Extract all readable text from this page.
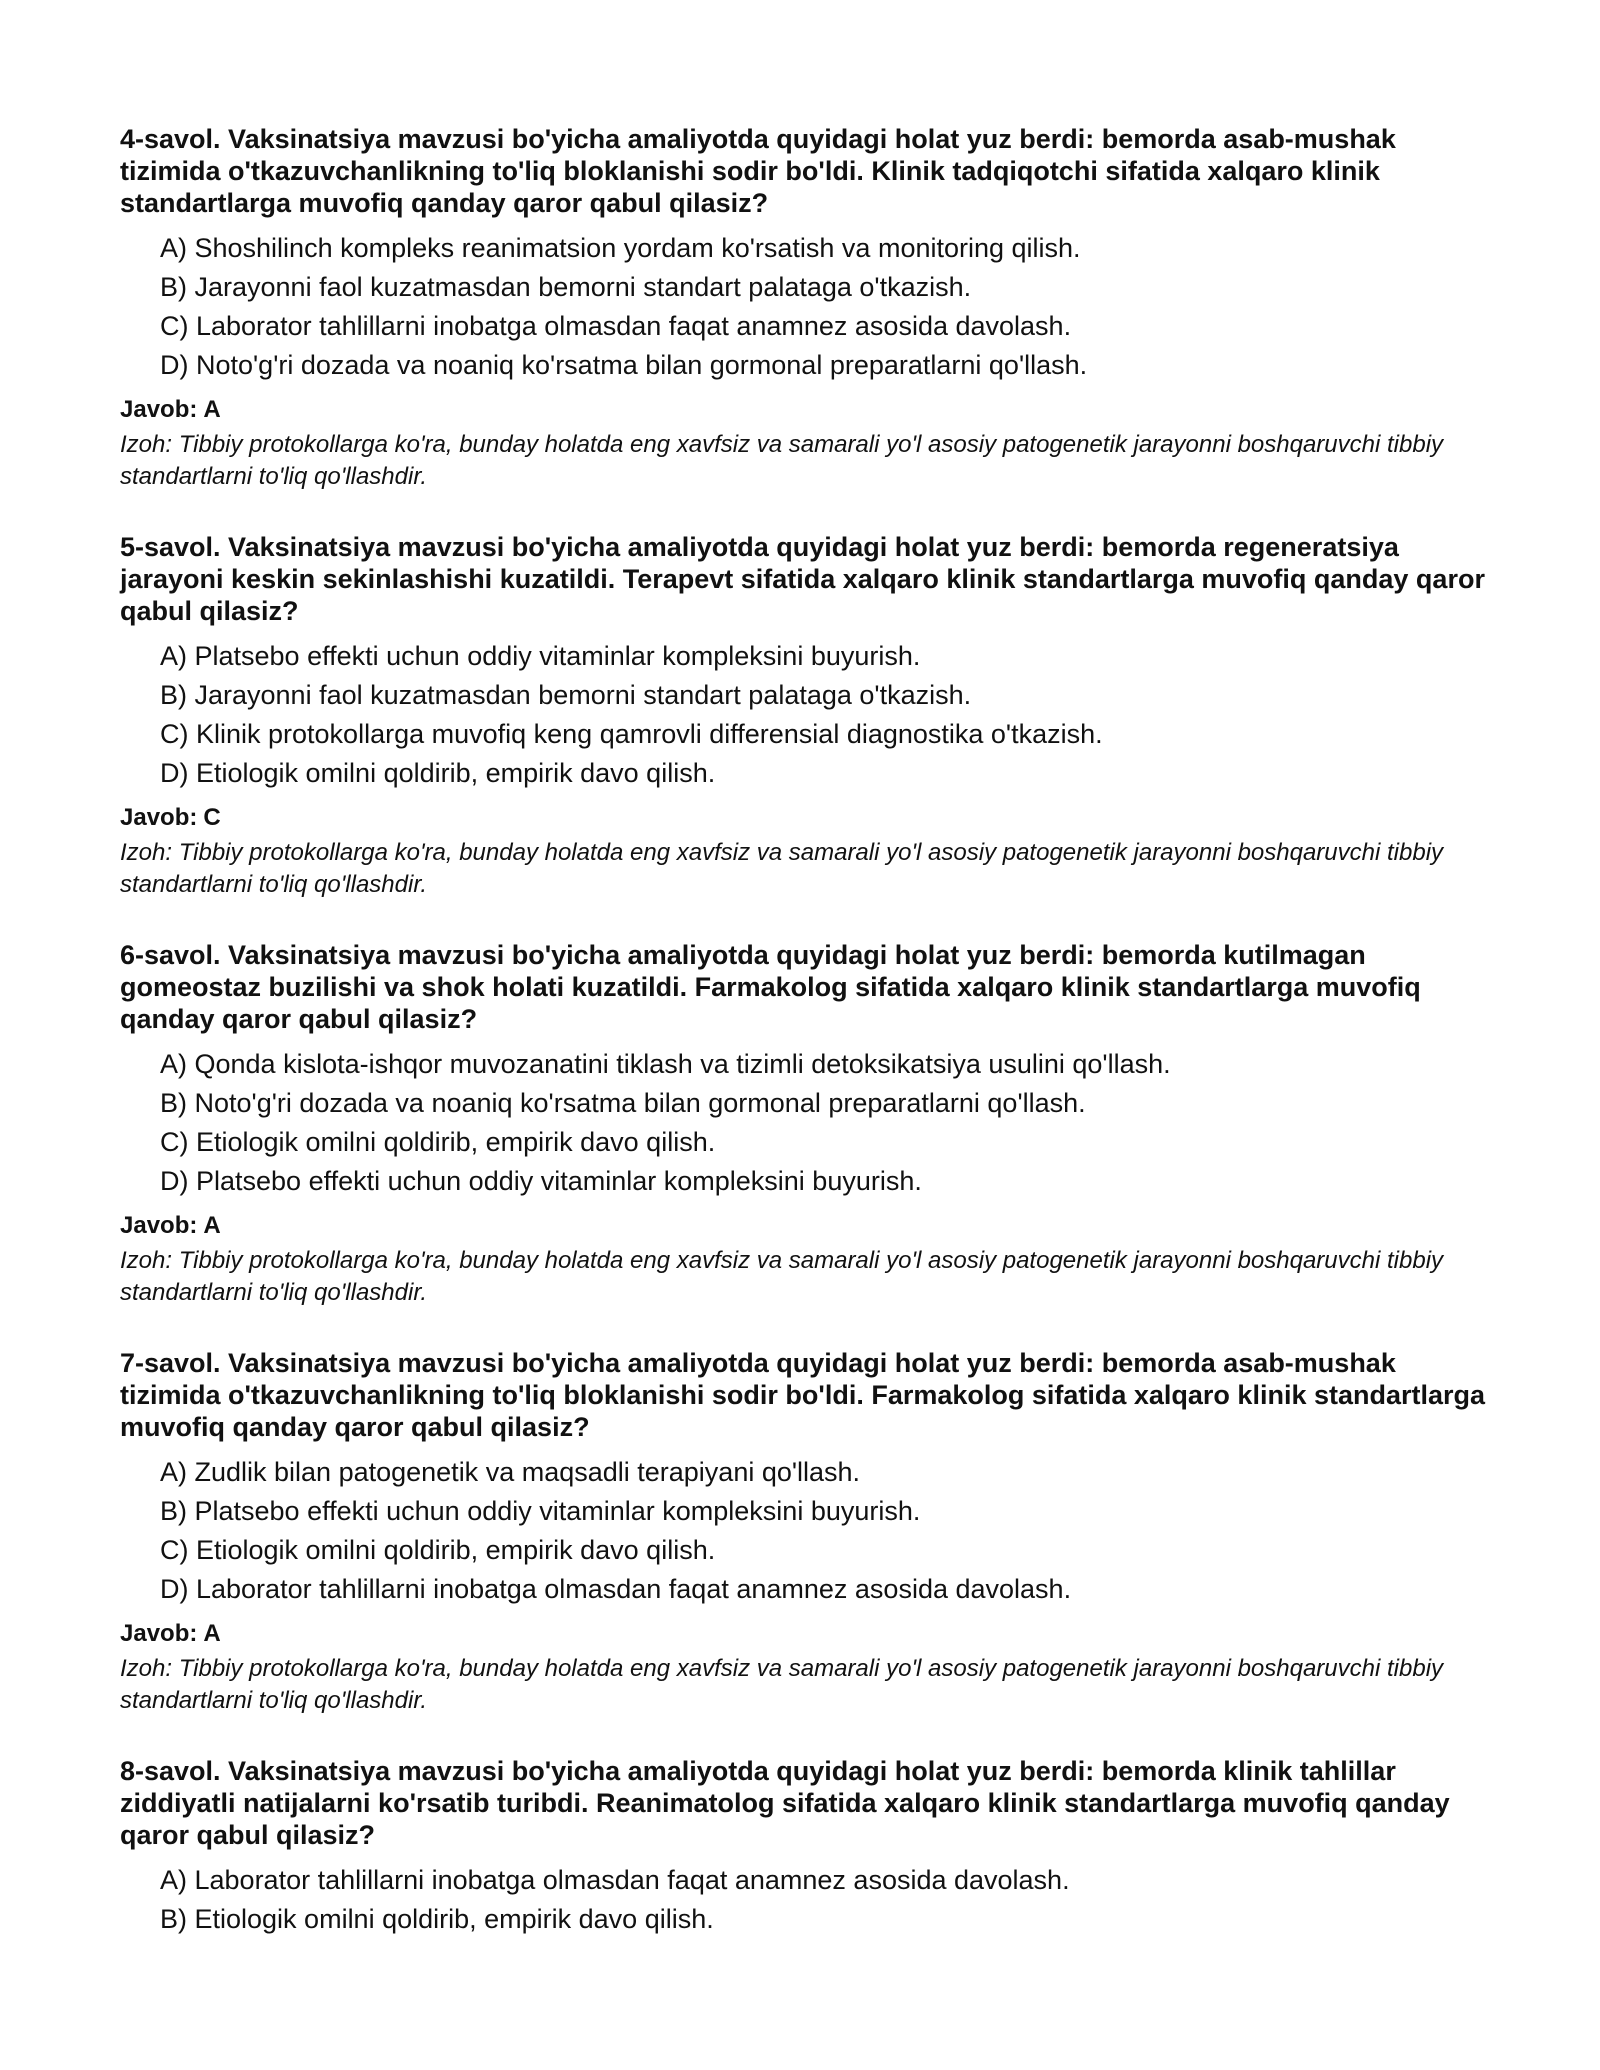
4-savol. Vaksinatsiya mavzusi bo'yicha amaliyotda quyidagi holat yuz berdi: bemorda asab-mushak tizimida o'tkazuvchanlikning to'liq bloklanishi sodir bo'ldi. Klinik tadqiqotchi sifatida xalqaro klinik standartlarga muvofiq qanday qaror qabul qilasiz?

A) Shoshilinch kompleks reanimatsion yordam ko'rsatish va monitoring qilish.
B) Jarayonni faol kuzatmasdan bemorni standart palataga o'tkazish.
C) Laborator tahlillarni inobatga olmasdan faqat anamnez asosida davolash.
D) Noto'g'ri dozada va noaniq ko'rsatma bilan gormonal preparatlarni qo'llash.

Javob: A

Izoh: Tibbiy protokollarga ko'ra, bunday holatda eng xavfsiz va samarali yo'l asosiy patogenetik jarayonni boshqaruvchi tibbiy standartlarni to'liq qo'llashdir.

5-savol. Vaksinatsiya mavzusi bo'yicha amaliyotda quyidagi holat yuz berdi: bemorda regeneratsiya jarayoni keskin sekinlashishi kuzatildi. Terapevt sifatida xalqaro klinik standartlarga muvofiq qanday qaror qabul qilasiz?

A) Platsebo effekti uchun oddiy vitaminlar kompleksini buyurish.
B) Jarayonni faol kuzatmasdan bemorni standart palataga o'tkazish.
C) Klinik protokollarga muvofiq keng qamrovli differensial diagnostika o'tkazish.
D) Etiologik omilni qoldirib, empirik davo qilish.

Javob: C

Izoh: Tibbiy protokollarga ko'ra, bunday holatda eng xavfsiz va samarali yo'l asosiy patogenetik jarayonni boshqaruvchi tibbiy standartlarni to'liq qo'llashdir.

6-savol. Vaksinatsiya mavzusi bo'yicha amaliyotda quyidagi holat yuz berdi: bemorda kutilmagan gomeostaz buzilishi va shok holati kuzatildi. Farmakolog sifatida xalqaro klinik standartlarga muvofiq qanday qaror qabul qilasiz?

A) Qonda kislota-ishqor muvozanatini tiklash va tizimli detoksikatsiya usulini qo'llash.
B) Noto'g'ri dozada va noaniq ko'rsatma bilan gormonal preparatlarni qo'llash.
C) Etiologik omilni qoldirib, empirik davo qilish.
D) Platsebo effekti uchun oddiy vitaminlar kompleksini buyurish.

Javob: A

Izoh: Tibbiy protokollarga ko'ra, bunday holatda eng xavfsiz va samarali yo'l asosiy patogenetik jarayonni boshqaruvchi tibbiy standartlarni to'liq qo'llashdir.

7-savol. Vaksinatsiya mavzusi bo'yicha amaliyotda quyidagi holat yuz berdi: bemorda asab-mushak tizimida o'tkazuvchanlikning to'liq bloklanishi sodir bo'ldi. Farmakolog sifatida xalqaro klinik standartlarga muvofiq qanday qaror qabul qilasiz?

A) Zudlik bilan patogenetik va maqsadli terapiyani qo'llash.
B) Platsebo effekti uchun oddiy vitaminlar kompleksini buyurish.
C) Etiologik omilni qoldirib, empirik davo qilish.
D) Laborator tahlillarni inobatga olmasdan faqat anamnez asosida davolash.

Javob: A

Izoh: Tibbiy protokollarga ko'ra, bunday holatda eng xavfsiz va samarali yo'l asosiy patogenetik jarayonni boshqaruvchi tibbiy standartlarni to'liq qo'llashdir.

8-savol. Vaksinatsiya mavzusi bo'yicha amaliyotda quyidagi holat yuz berdi: bemorda klinik tahlillar ziddiyatli natijalarni ko'rsatib turibdi. Reanimatolog sifatida xalqaro klinik standartlarga muvofiq qanday qaror qabul qilasiz?

A) Laborator tahlillarni inobatga olmasdan faqat anamnez asosida davolash.
B) Etiologik omilni qoldirib, empirik davo qilish.
